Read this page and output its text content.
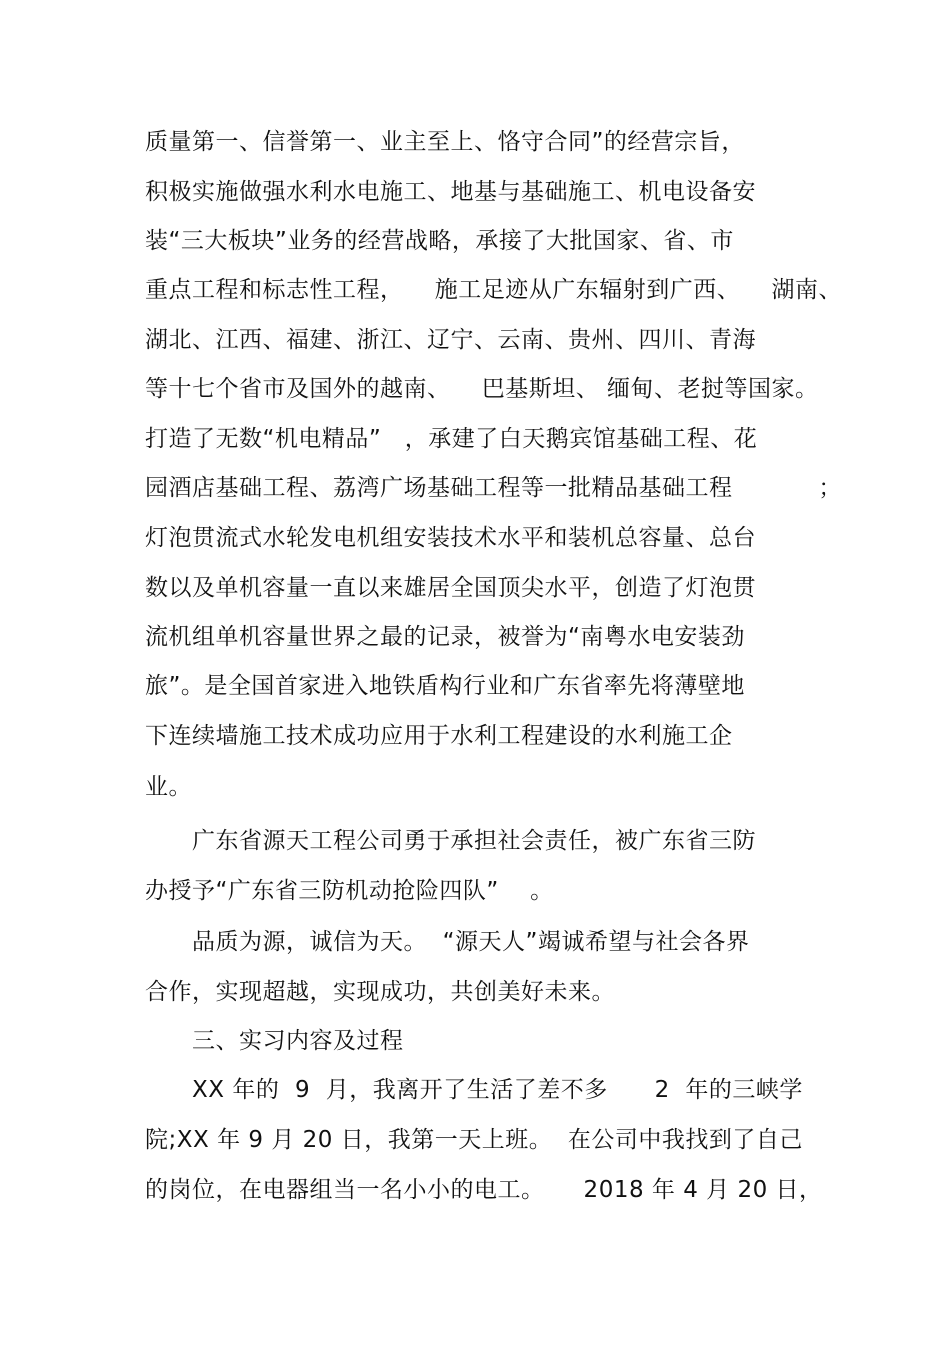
质量第一、信誉第一、业主至上、恪守合同”的经营宗旨，
积极实施做强水利水电施工、地基与基础施工、机电设备安
装“三大板块”业务的经营战略，承接了大批国家、省、市
重点工程和标志性工程，    施工足迹从广东辐射到广西、    湖南、
湖北、江西、福建、浙江、辽宁、云南、贵州、四川、青海
等十七个省市及国外的越南、    巴基斯坦、 缅甸、老挝等国家。
打造了无数“机电精品”   ，承建了白天鹅宾馆基础工程、花
园酒店基础工程、荔湾广场基础工程等一批精品基础工程           ；
灯泡贯流式水轮发电机组安装技术水平和装机总容量、总台
数以及单机容量一直以来雄居全国顶尖水平，创造了灯泡贯
流机组单机容量世界之最的记录，被誉为“南粤水电安装劲
旅”。是全国首家进入地铁盾构行业和广东省率先将薄壁地
下连续墙施工技术成功应用于水利工程建设的水利施工企
业。
广东省源天工程公司勇于承担社会责任，被广东省三防
办授予“广东省三防机动抢险四队”    。
品质为源，诚信为天。  “源天人”竭诚希望与社会各界
合作，实现超越，实现成功，共创美好未来。
三、实习内容及过程
XX 年的  9  月，我离开了生活了差不多      2  年的三峡学
院;XX 年 9 月 20 日，我第一天上班。  在公司中我找到了自己
的岗位，在电器组当一名小小的电工。     2018 年 4 月 20 日，
